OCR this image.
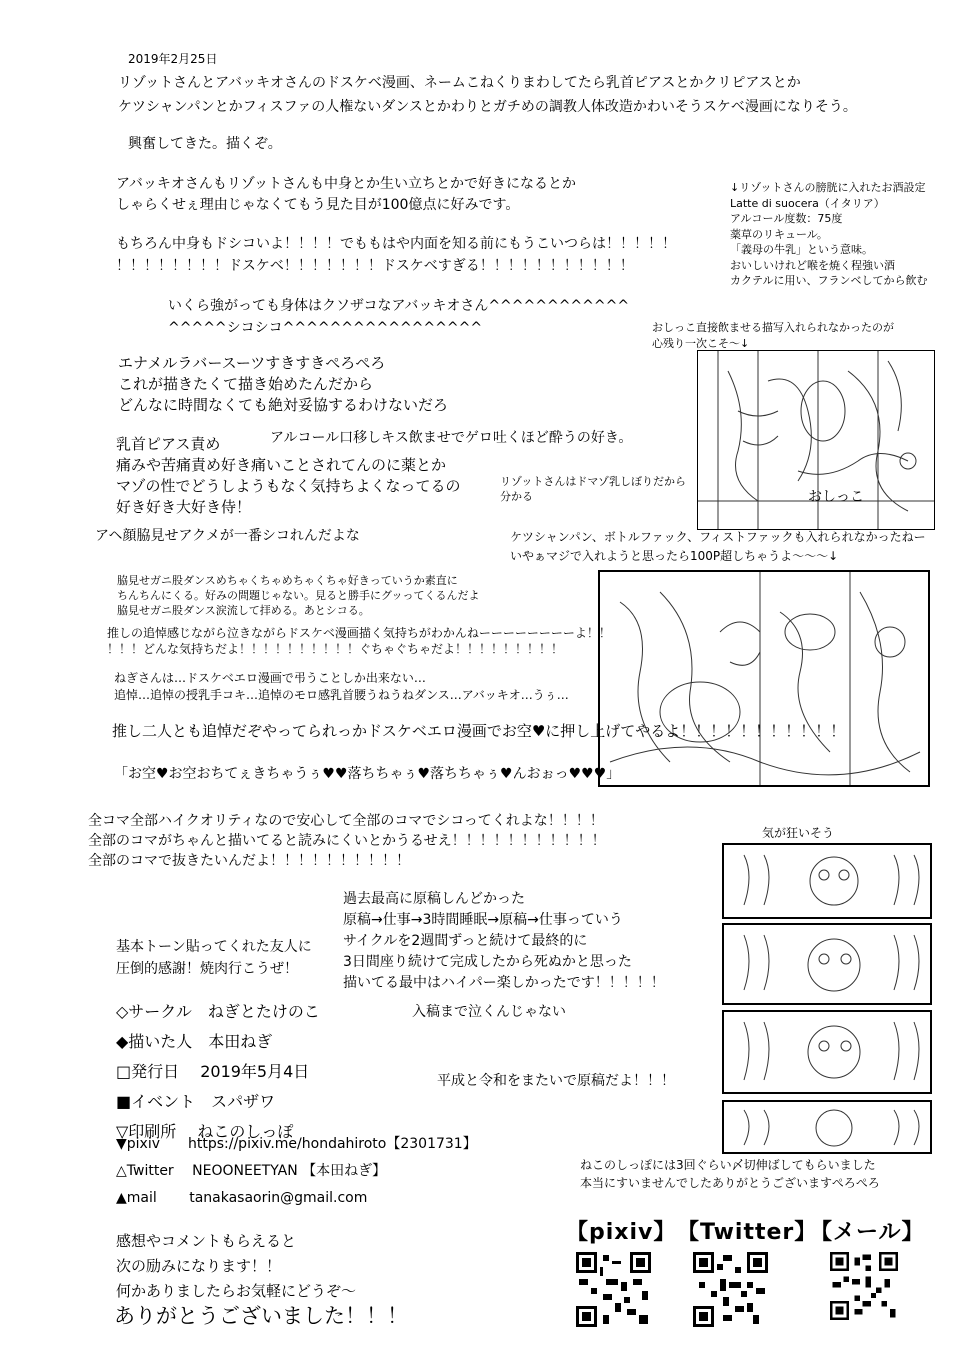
2019年2月25日
リゾットさんとアバッキオさんのドスケベ漫画、ネームこねくりまわしてたら乳首ピアスとかクリピアスとか
ケツシャンパンとかフィスファの人権ないダンスとかわりとガチめの調教人体改造かわいそうスケベ漫画になりそう。
興奮してきた。描くぞ。
アバッキオさんもリゾットさんも中身とか生い立ちとかで好きになるとか
しゃらくせぇ理由じゃなくてもう見た目が100億点に好みです。
↓リゾットさんの膀胱に入れたお酒設定
Latte di suocera（イタリア）
アルコール度数：75度
薬草のリキュール。
「義母の牛乳」という意味。
おいしいけれど喉を焼く程強い酒
カクテルに用い、フランベしてから飲む
もちろん中身もドシコいよ！！！！でももはや内面を知る前にもうこいつらは！！！！！
！！！！！！！！ドスケベ！！！！！！！ドスケベすぎる！！！！！！！！！！！
いくら強がっても身体はクソザコなアバッキオさん^^^^^^^^^^^^
^^^^^シコシコ^^^^^^^^^^^^^^^^^	おしっこ直接飲ませる描写入れられなかったのが
心残り一次こそ～↓
おしっこ
エナメルラバースーツすきすきぺろぺろ
これが描きたくて描き始めたんだから
どんなに時間なくても絶対妥協するわけないだろ
アルコール口移しキス飲ませでゲロ吐くほど酔うの好き。
乳首ピアス責め
痛みや苦痛責め好き痛いことされてんのに薬とか
マゾの性でどうしようもなく気持ちよくなってるの
好き好き大好き侍！
リゾットさんはドマゾ乳しぼりだから
分かる
アヘ顔脇見せアクメが一番シコれんだよな	ケツシャンパン、ボトルファック、フィストファックも入れられなかったねー
いやぁマジで入れようと思ったら100P超しちゃうよ～～～↓
脇見せガニ股ダンスめちゃくちゃめちゃくちゃ好きっていうか素直に
ちんちんにくる。好みの問題じゃない。見ると勝手にグッってくるんだよ
脇見せガニ股ダンス涙流して拝める。あとシコる。
推しの追悼感じながら泣きながらドスケベ漫画描く気持ちがわかんねーーーーーーーーよ！！
！！！どんな気持ちだよ！！！！！！！！！！ぐちゃぐちゃだよ！！！！！！！！！
ねぎさんは…ドスケベエロ漫画で弔うことしか出来ない…
追悼…追悼の授乳手コキ…追悼のモロ感乳首腰うねうねダンス…アバッキオ…うぅ…
推し二人とも追悼だぞやってられっかドスケベエロ漫画でお空♥に押し上げてやるよ！！！！！！！！！！！
「お空♥お空おちてぇきちゃうぅ♥♥落ちちゃぅ♥落ちちゃぅ♥んおぉっ♥♥♥」
全コマ全部ハイクオリティなので安心して全部のコマでシコってくれよな！！！！
全部のコマがちゃんと描いてると読みにくいとかうるせえ！！！！！！！！！！！
全部のコマで抜きたいんだよ！！！！！！！！！！
気が狂いそう
過去最高に原稿しんどかった
原稿→仕事→3時間睡眠→原稿→仕事っていう
サイクルを2週間ずっと続けて最終的に
3日間座り続けて完成したから死ぬかと思った
描いてる最中はハイパー楽しかったです！！！！！
基本トーン貼ってくれた友人に
圧倒的感謝！焼肉行こうぜ！
◇サークル　ねぎとたけのこ
◆描いた人　本田ねぎ
□発行日　 2019年5月4日
■イベント　スパザワ
▽印刷所　 ねこのしっぽ
入稿まで泣くんじゃない
平成と令和をまたいで原稿だよ！！！
▼pixiv　　https://pixiv.me/hondahiroto【2301731】
△Twitter　 NEOONEETYAN 【本田ねぎ】
▲mail　　 tanakasaorin@gmail.com
ねこのしっぽには3回ぐらい〆切伸ばしてもらいました
本当にすいませんでしたありがとうございますぺろぺろ
【pixiv】 【Twitter】
【メール】
感想やコメントもらえると
次の励みになります！！
何かありましたらお気軽にどうぞ～
ありがとうございました！！！
